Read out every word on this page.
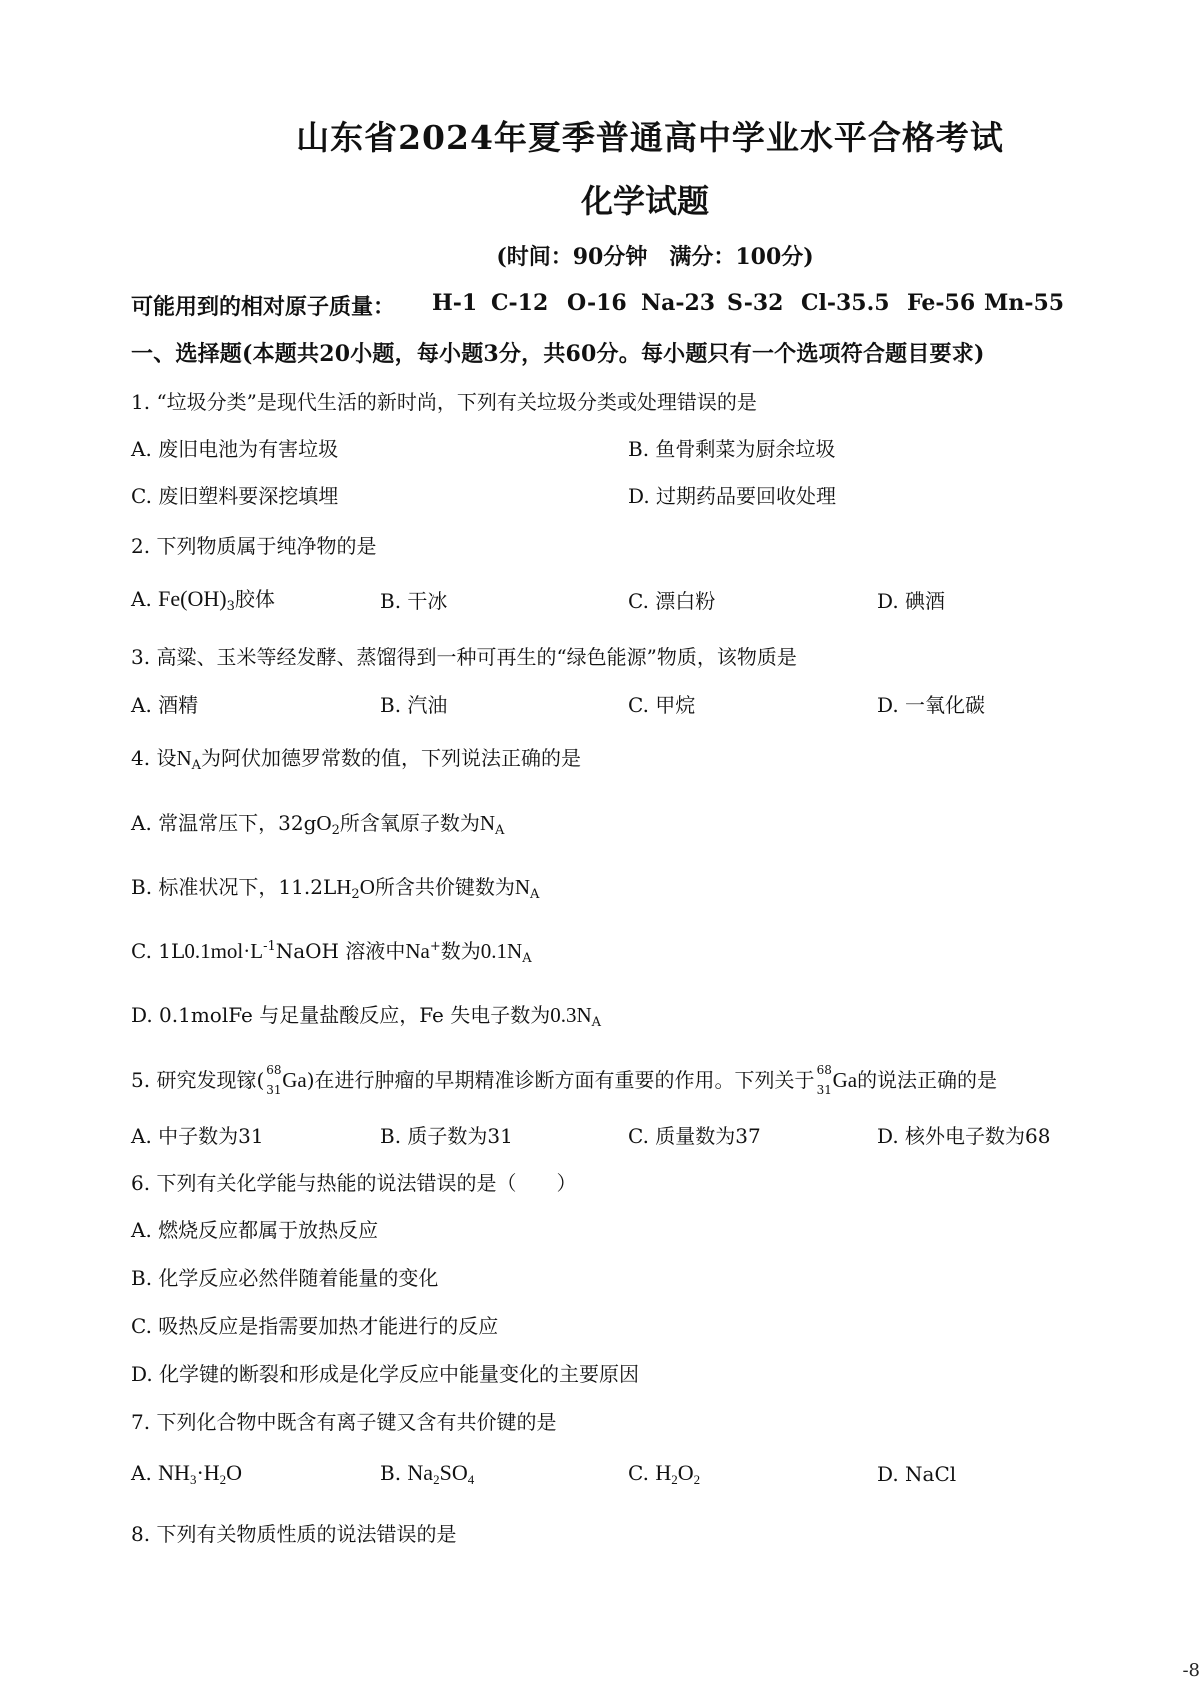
山东省2024年夏季普通高中学业水平合格考试
化学试题
(时间：90分钟　满分：100分)
可能用到的相对原子质量： H-1 C-12 O-16 Na-23 S-32 Cl-35.5 Fe-56 Mn-55
一、选择题(本题共20小题，每小题3分，共60分。每小题只有一个选项符合题目要求)
1. “垃圾分类”是现代生活的新时尚，下列有关垃圾分类或处理错误的是
A. 废旧电池为有害垃圾	B. 鱼骨剩菜为厨余垃圾
C. 废旧塑料要深挖填埋	D. 过期药品要回收处理
2. 下列物质属于纯净物的是
A. $Fe(OH)_3$胶体	B. 干冰	C. 漂白粉	D. 碘酒
3. 高粱、玉米等经发酵、蒸馏得到一种可再生的“绿色能源”物质，该物质是
A. 酒精	B. 汽油	C. 甲烷	D. 一氧化碳
4. 设$N_A$为阿伏加德罗常数的值，下列说法正确的是
A. 常温常压下，$32gO_2$所含氧原子数为$N_A$
B. 标准状况下，$11.2LH_2O$所含共价键数为$N_A$
C. $1L0.1mol\cdot L^{-1}NaOH$ 溶液中Na+数为$0.1N_A$
D. 0.1molFe 与足量盐酸反应，Fe 失电子数为$0.3N_A$
5. 研究发现镓( 68
31 Ga)在进行肿瘤的早期精准诊断方面有重要的作用。下列关于 68
31 Ga的说法正确的是
A. 中子数为31	B. 质子数为31	C. 质量数为37	D. 核外电子数为68
6. 下列有关化学能与热能的说法错误的是（　　）
A. 燃烧反应都属于放热反应
B. 化学反应必然伴随着能量的变化
C. 吸热反应是指需要加热才能进行的反应
D. 化学键的断裂和形成是化学反应中能量变化的主要原因
7. 下列化合物中既含有离子键又含有共价键的是
A. $NH_3\cdot H_2O$	B. $Na_2SO_4$	C. $H_2O_2$	D. NaCl
8. 下列有关物质性质的说法错误的是
-8
